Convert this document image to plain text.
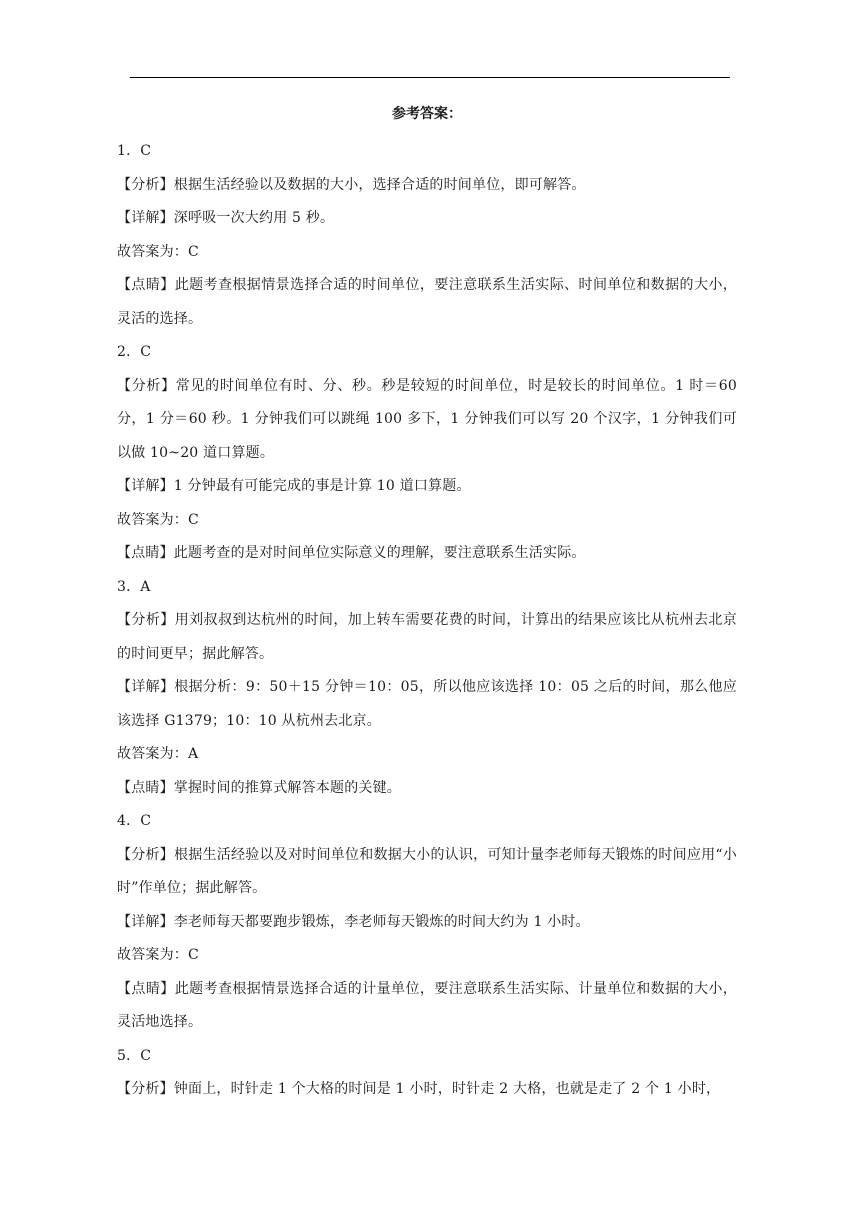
参考答案：

1．C

【分析】根据生活经验以及数据的大小，选择合适的时间单位，即可解答。

【详解】深呼吸一次大约用 5 秒。

故答案为：C

【点睛】此题考查根据情景选择合适的时间单位，要注意联系生活实际、时间单位和数据的大小，灵活的选择。

2．C

【分析】常见的时间单位有时、分、秒。秒是较短的时间单位，时是较长的时间单位。1 时＝60 分，1 分＝60 秒。1 分钟我们可以跳绳 100 多下，1 分钟我们可以写 20 个汉字，1 分钟我们可以做 10~20 道口算题。

【详解】1 分钟最有可能完成的事是计算 10 道口算题。

故答案为：C

【点睛】此题考查的是对时间单位实际意义的理解，要注意联系生活实际。

3．A

【分析】用刘叔叔到达杭州的时间，加上转车需要花费的时间，计算出的结果应该比从杭州去北京的时间更早；据此解答。

【详解】根据分析：9：50＋15 分钟＝10：05，所以他应该选择 10：05 之后的时间，那么他应该选择 G1379；10：10 从杭州去北京。

故答案为：A

【点睛】掌握时间的推算式解答本题的关键。

4．C

【分析】根据生活经验以及对时间单位和数据大小的认识，可知计量李老师每天锻炼的时间应用“小时”作单位；据此解答。

【详解】李老师每天都要跑步锻炼，李老师每天锻炼的时间大约为 1 小时。

故答案为：C

【点睛】此题考查根据情景选择合适的计量单位，要注意联系生活实际、计量单位和数据的大小，灵活地选择。

5．C

【分析】钟面上，时针走 1 个大格的时间是 1 小时，时针走 2 大格，也就是走了 2 个 1 小时，
